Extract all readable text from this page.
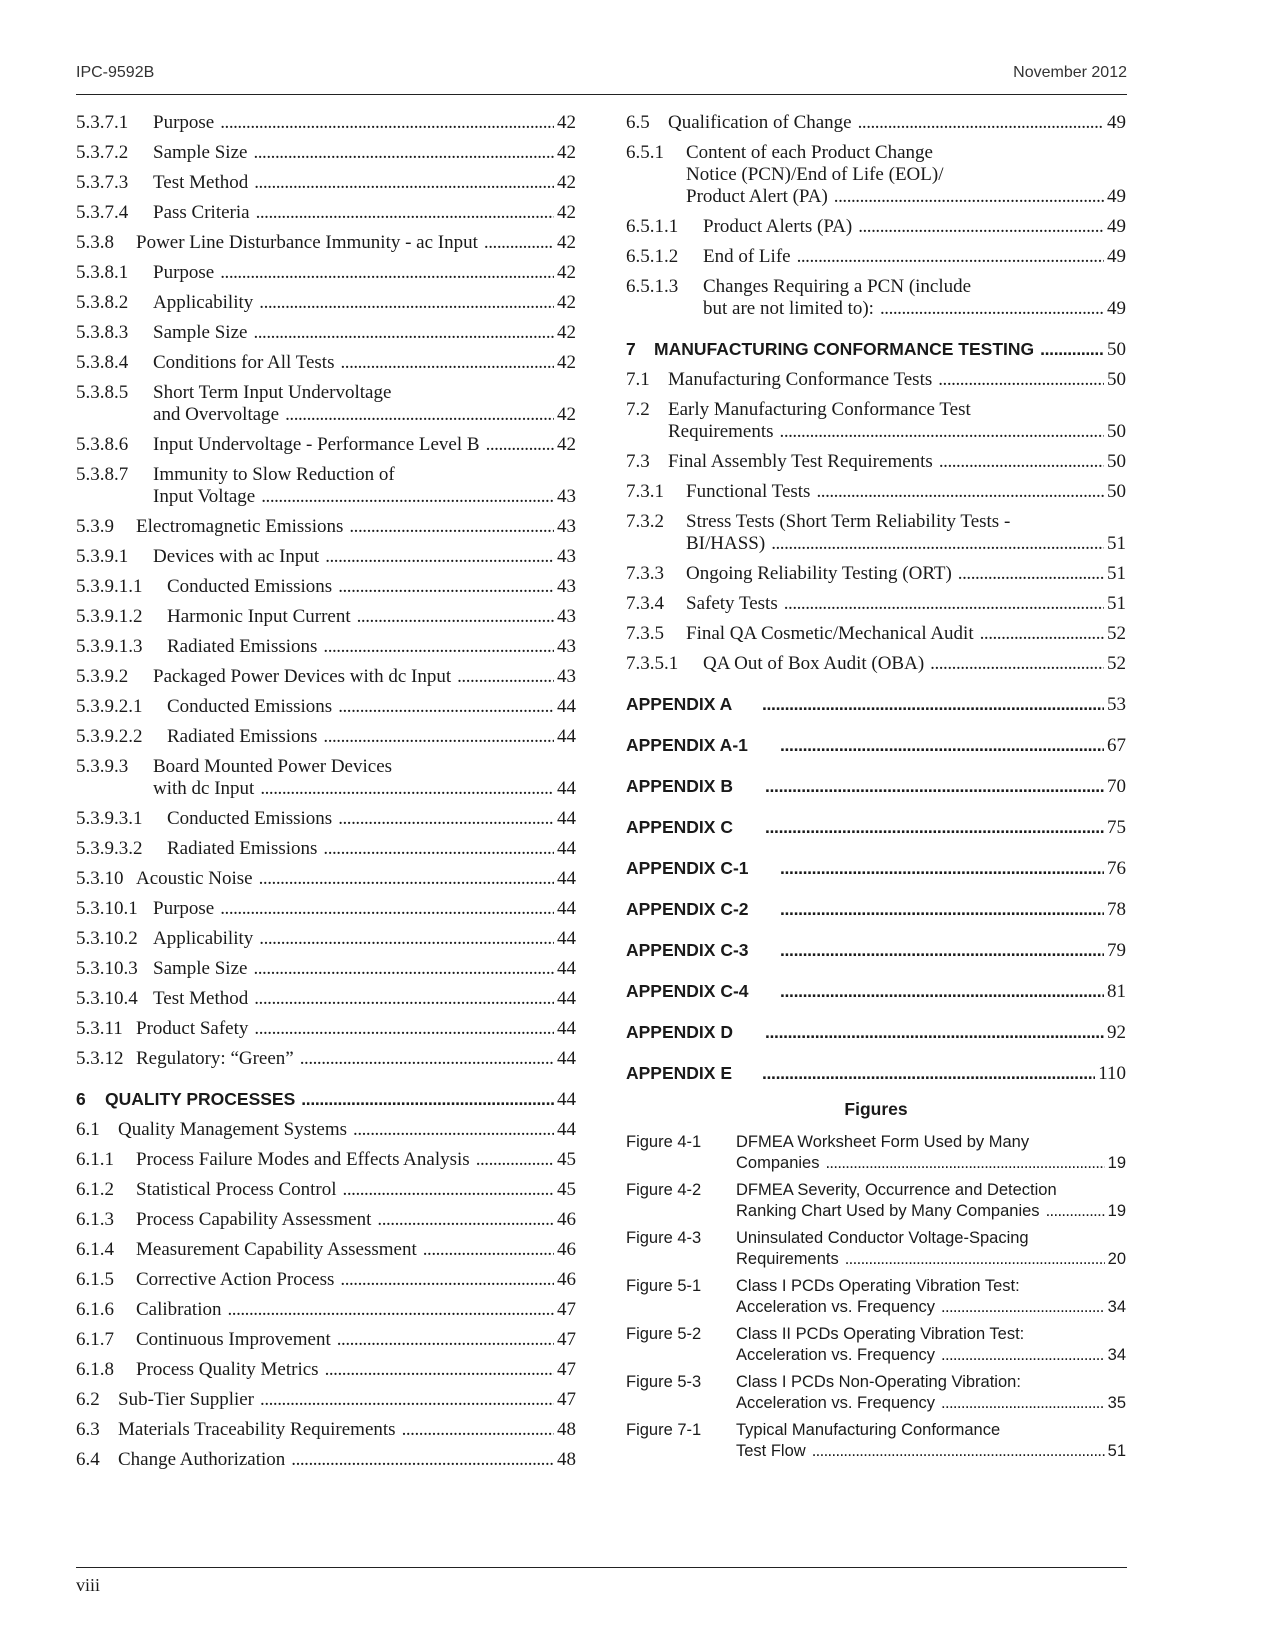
IPC-9592B	November 2012
5.3.7.1	Purpose . . .	42
5.3.7.2	Sample Size . . .	42
5.3.7.3	Test Method . . .	42
5.3.7.4	Pass Criteria . . .	42
5.3.8	Power Line Disturbance Immunity - ac Input . . .	42
5.3.8.1	Purpose . . .	42
5.3.8.2	Applicability . . .	42
5.3.8.3	Sample Size . . .	42
5.3.8.4	Conditions for All Tests . . .	42
5.3.8.5	Short Term Input Undervoltage
and Overvoltage . . .	42
5.3.8.6	Input Undervoltage - Performance Level B . . .	42
5.3.8.7	Immunity to Slow Reduction of
Input Voltage . . .	43
5.3.9	Electromagnetic Emissions . . .	43
5.3.9.1	Devices with ac Input . . .	43
5.3.9.1.1	Conducted Emissions . . .	43
5.3.9.1.2	Harmonic Input Current . . .	43
5.3.9.1.3	Radiated Emissions . . .	43
5.3.9.2	Packaged Power Devices with dc Input . . .	43
5.3.9.2.1	Conducted Emissions . . .	44
5.3.9.2.2	Radiated Emissions . . .	44
5.3.9.3	Board Mounted Power Devices
with dc Input . . .	44
5.3.9.3.1	Conducted Emissions . . .	44
5.3.9.3.2	Radiated Emissions . . .	44
5.3.10 Acoustic Noise . . .	44
5.3.10.1 Purpose . . .	44
5.3.10.2 Applicability . . .	44
5.3.10.3 Sample Size . . .	44
5.3.10.4 Test Method . . .	44
5.3.11 Product Safety . . .	44
5.3.12 Regulatory: “Green” . . .	44
6	QUALITY PROCESSES . . .	44
6.1 Quality Management Systems . . .	44
6.1.1	Process Failure Modes and Effects Analysis . . .	45
6.1.2	Statistical Process Control . . .	45
6.1.3	Process Capability Assessment . . .	46
6.1.4	Measurement Capability Assessment . . .	46
6.1.5	Corrective Action Process . . .	46
6.1.6	Calibration . . .	47
6.1.7	Continuous Improvement . . .	47
6.1.8	Process Quality Metrics . . .	47
6.2 Sub-Tier Supplier . . .	47
6.3 Materials Traceability Requirements . . .	48
6.4 Change Authorization . . .	48
6.5 Qualification of Change . . .	49
6.5.1	Content of each Product Change
Notice (PCN)/End of Life (EOL)/
Product Alert (PA) . . .	49
6.5.1.1	Product Alerts (PA) . . .	49
6.5.1.2	End of Life . . .	49
6.5.1.3	Changes Requiring a PCN (include
but are not limited to): . . .	49
7	MANUFACTURING CONFORMANCE TESTING . . .	50
7.1 Manufacturing Conformance Tests . . .	50
7.2 Early Manufacturing Conformance Test
Requirements . . .	50
7.3 Final Assembly Test Requirements . . .	50
7.3.1	Functional Tests . . .	50
7.3.2	Stress Tests (Short Term Reliability Tests -
BI/HASS) . . .	51
7.3.3	Ongoing Reliability Testing (ORT) . . .	51
7.3.4	Safety Tests . . .	51
7.3.5	Final QA Cosmetic/Mechanical Audit . . .	52
7.3.5.1	QA Out of Box Audit (OBA) . . .	52
APPENDIX A . . .	53
APPENDIX A-1 . . .	67
APPENDIX B . . .	70
APPENDIX C . . .	75
APPENDIX C-1 . . .	76
APPENDIX C-2 . . .	78
APPENDIX C-3 . . .	79
APPENDIX C-4 . . .	81
APPENDIX D . . .	92
APPENDIX E . . .	110
Figures
Figure 4-1	DFMEA Worksheet Form Used by Many
Companies . . .	19
Figure 4-2	DFMEA Severity, Occurrence and Detection
Ranking Chart Used by Many Companies . . .	19
Figure 4-3	Uninsulated Conductor Voltage-Spacing
Requirements . . .	20
Figure 5-1	Class I PCDs Operating Vibration Test:
Acceleration vs. Frequency . . .	34
Figure 5-2	Class II PCDs Operating Vibration Test:
Acceleration vs. Frequency . . .	34
Figure 5-3	Class I PCDs Non-Operating Vibration:
Acceleration vs. Frequency . . .	35
Figure 7-1	Typical Manufacturing Conformance
Test Flow . . .	51
viii
